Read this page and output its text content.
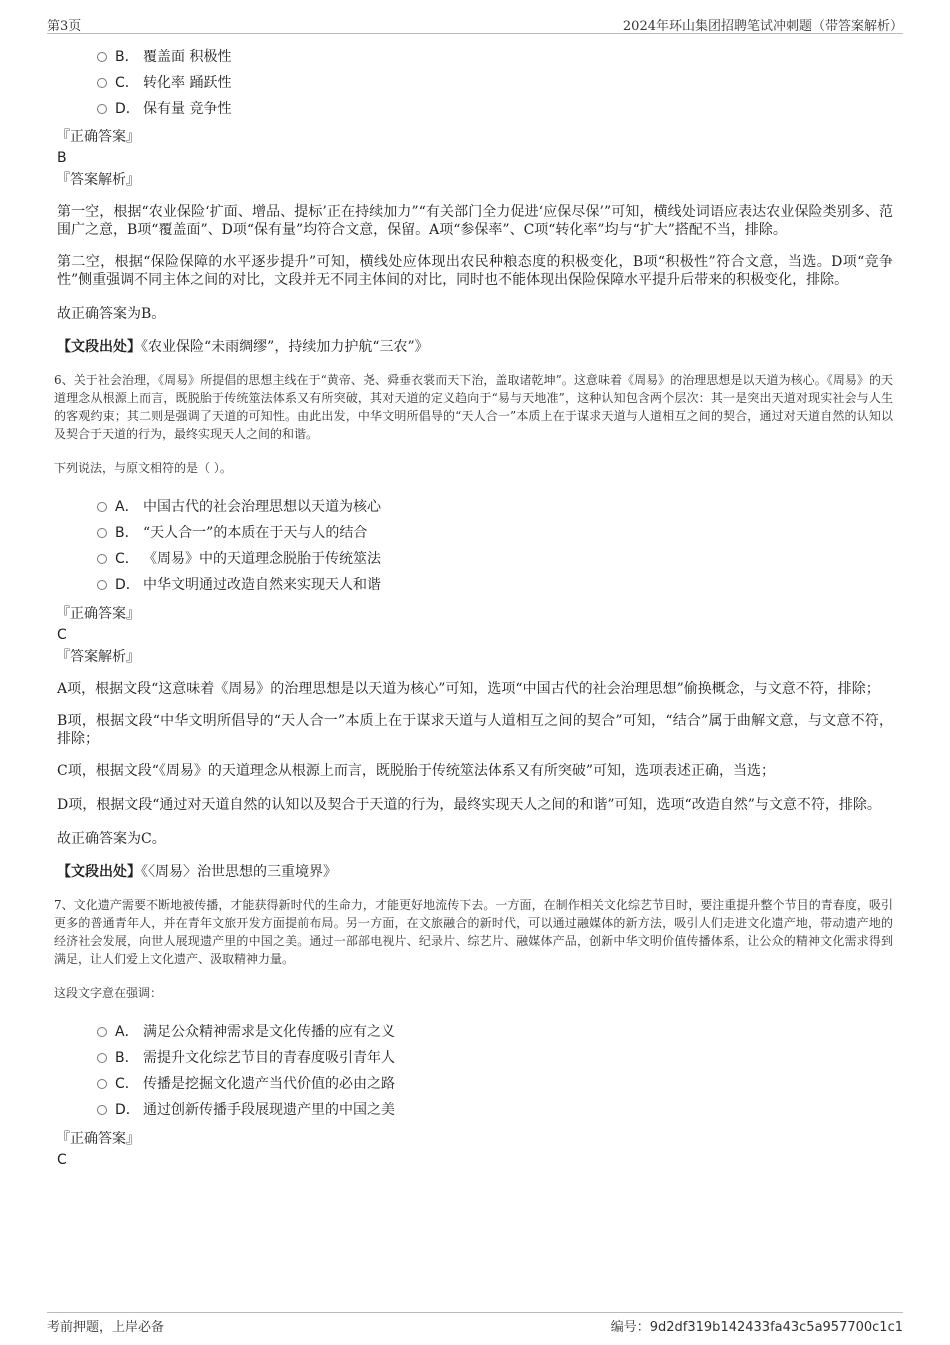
第3页	2024年环山集团招聘笔试冲刺题（带答案解析）
B． 覆盖面 积极性
C． 转化率 踊跃性
D． 保有量 竞争性
『正确答案』
B
『答案解析』
第一空，根据“农业保险‘扩面、增品、提标’正在持续加力”“有关部门全力促进‘应保尽保’”可知，横线处词语应表达农业保险类别多、范围广之意，B项“覆盖面”、D项“保有量”均符合文意，保留。A项“参保率”、C项“转化率”均与“扩大”搭配不当，排除。
第二空，根据“保险保障的水平逐步提升”可知，横线处应体现出农民种粮态度的积极变化，B项“积极性”符合文意，当选。D项“竞争性”侧重强调不同主体之间的对比，文段并无不同主体间的对比，同时也不能体现出保险保障水平提升后带来的积极变化，排除。
故正确答案为B。
【文段出处】《农业保险“未雨绸缪”，持续加力护航“三农”》
6、关于社会治理，《周易》所提倡的思想主线在于“黄帝、尧、舜垂衣裳而天下治，盖取诸乾坤”。这意味着《周易》的治理思想是以天道为核心。《周易》的天道理念从根源上而言，既脱胎于传统筮法体系又有所突破，其对天道的定义趋向于“易与天地准”，这种认知包含两个层次：其一是突出天道对现实社会与人生的客观约束；其二则是强调了天道的可知性。由此出发，中华文明所倡导的“天人合一”本质上在于谋求天道与人道相互之间的契合，通过对天道自然的认知以及契合于天道的行为，最终实现天人之间的和谐。
下列说法，与原文相符的是（ ）。
A． 中国古代的社会治理思想以天道为核心
B． “天人合一”的本质在于天与人的结合
C． 《周易》中的天道理念脱胎于传统筮法
D． 中华文明通过改造自然来实现天人和谐
『正确答案』
C
『答案解析』
A项，根据文段“这意味着《周易》的治理思想是以天道为核心”可知，选项“中国古代的社会治理思想”偷换概念，与文意不符，排除；
B项，根据文段“中华文明所倡导的“天人合一”本质上在于谋求天道与人道相互之间的契合”可知，“结合”属于曲解文意，与文意不符，排除；
C项，根据文段“《周易》的天道理念从根源上而言，既脱胎于传统筮法体系又有所突破”可知，选项表述正确，当选；
D项，根据文段“通过对天道自然的认知以及契合于天道的行为，最终实现天人之间的和谐”可知，选项“改造自然”与文意不符，排除。
故正确答案为C。
【文段出处】《〈周易〉治世思想的三重境界》
7、文化遗产需要不断地被传播，才能获得新时代的生命力，才能更好地流传下去。一方面，在制作相关文化综艺节目时，要注重提升整个节目的青春度，吸引更多的普通青年人，并在青年文旅开发方面提前布局。另一方面，在文旅融合的新时代，可以通过融媒体的新方法，吸引人们走进文化遗产地，带动遗产地的经济社会发展，向世人展现遗产里的中国之美。通过一部部电视片、纪录片、综艺片、融媒体产品，创新中华文明价值传播体系，让公众的精神文化需求得到满足，让人们爱上文化遗产、汲取精神力量。
这段文字意在强调：
A． 满足公众精神需求是文化传播的应有之义
B． 需提升文化综艺节目的青春度吸引青年人
C． 传播是挖掘文化遗产当代价值的必由之路
D． 通过创新传播手段展现遗产里的中国之美
『正确答案』
C
考前押题，上岸必备	编号：9d2df319b142433fa43c5a957700c1c1
